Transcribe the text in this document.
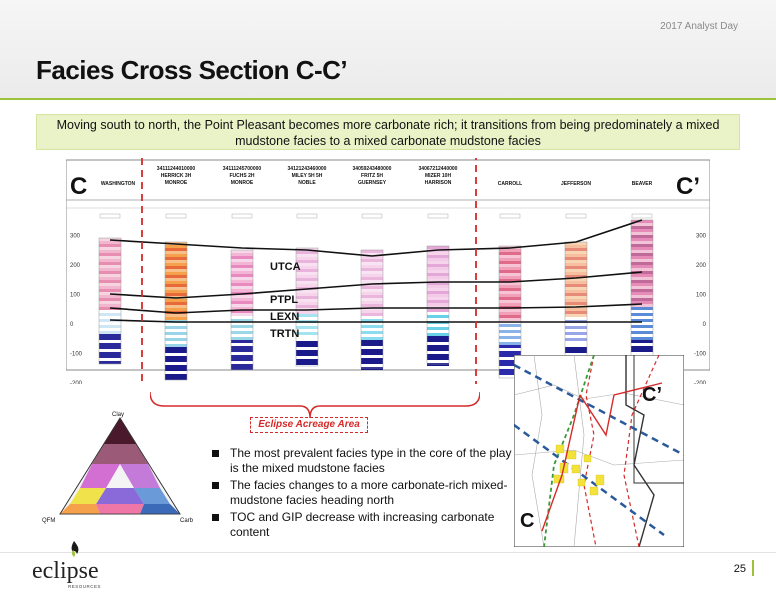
2017 Analyst Day
Facies Cross Section C-C’
Moving south to north, the Point Pleasant becomes more carbonate rich; it transitions from being predominately a mixed mudstone facies to a mixed carbonate mudstone facies
300	300
200	200
100	100
0	0
-100	-100
-200	-200
C	C’
WASHINGTON
34111244010000
HERRICK 3H
MONROE
34111245700000
FUCHS 2H
MONROE
34121243460000
MILEY 5H 5H
NOBLE
34059243480000
FRITZ 5H
GUERNSEY
34067212440000
MIZER 10H
HARRISON	CARROLL	JEFFERSON	BEAVER
UTCA
PTPL
LEXN
TRTN
Eclipse Acreage Area
Clay
QFM	Carb
The most prevalent facies type in the core of the play is the mixed mudstone facies
The facies changes to a more carbonate-rich mixed-mudstone facies heading north
TOC and GIP decrease with increasing carbonate content
C’
C
25
eclipse
RESOURCES
